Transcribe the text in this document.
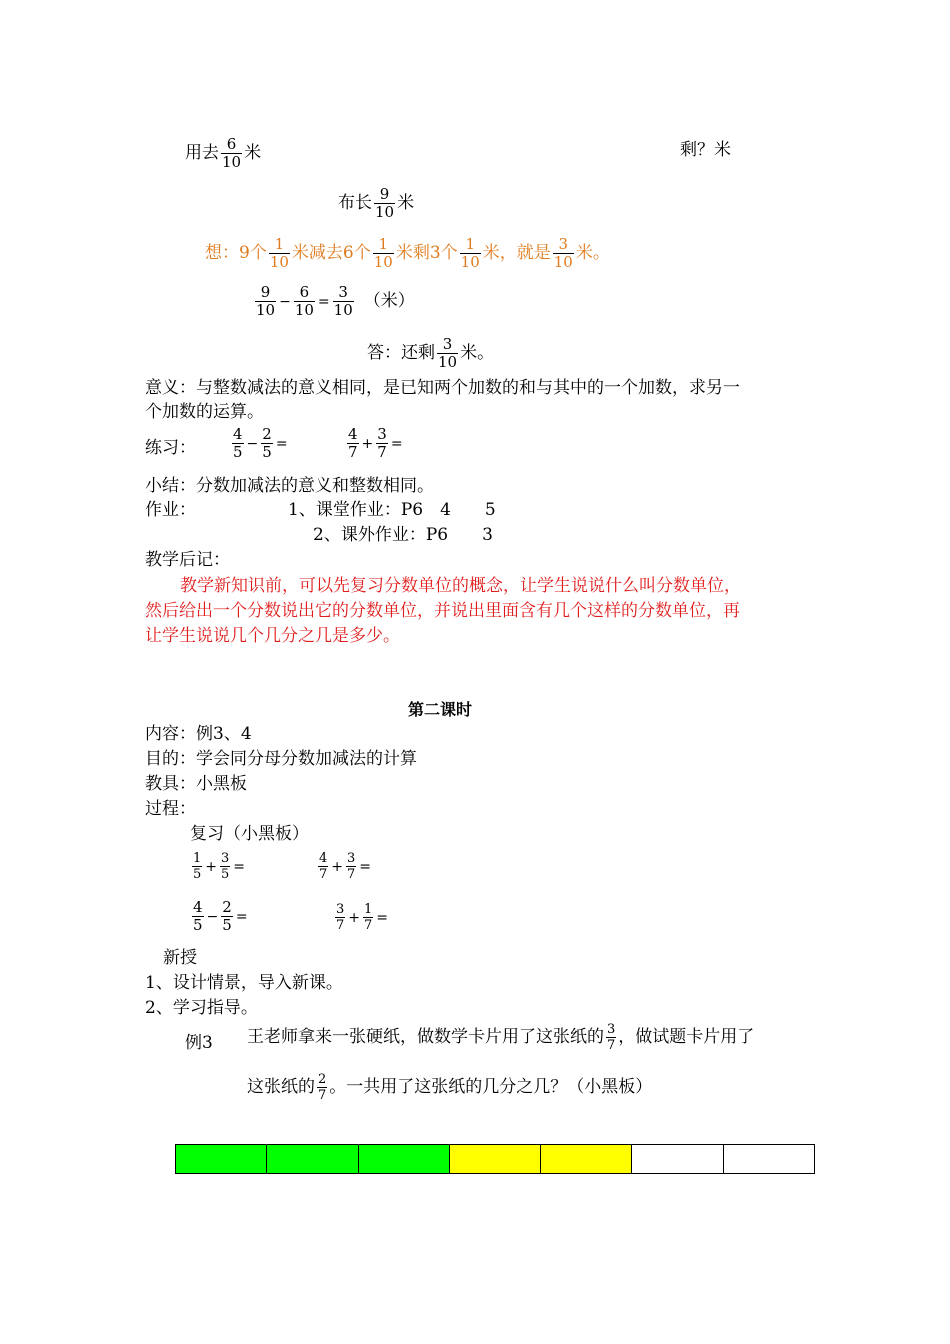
用去 $\frac{6}{10}$ 米	剩？米
布长 $\frac{9}{10}$ 米
想：9个 $\frac{1}{10}$ 米减去6个 $\frac{1}{10}$ 米剩3个 $\frac{1}{10}$ 米，就是 $\frac{3}{10}$ 米。
$\frac{9}{10} - \frac{6}{10} = \frac{3}{10}$ （米）
答：还剩 $\frac{3}{10}$ 米。
意义：与整数减法的意义相同，是已知两个加数的和与其中的一个加数，求另一
个加数的运算。
练习： $\frac{4}{5} - \frac{2}{5}$ =	$\frac{4}{7} + \frac{3}{7}$ =
小结：分数加减法的意义和整数相同。
作业：	1、课堂作业：P6　4　　5
2、课外作业：P6　　3
教学后记：
教学新知识前，可以先复习分数单位的概念，让学生说说什么叫分数单位，
然后给出一个分数说出它的分数单位，并说出里面含有几个这样的分数单位，再
让学生说说几个几分之几是多少。
第二课时
内容：例3、4
目的：学会同分母分数加减法的计算
教具：小黑板
过程：
复习（小黑板）
$\frac{1}{5} + \frac{3}{5}$ =	$\frac{4}{7} + \frac{3}{7}$ =
$\frac{4}{5} - \frac{2}{5}$ =	$\frac{3}{7} + \frac{1}{7}$ =
新授
1、设计情景，导入新课。
2、学习指导。
例3 王老师拿来一张硬纸，做数学卡片用了这张纸的 $\frac{3}{7}$ ，做试题卡片用了
这张纸的 $\frac{2}{7}$ 。一共用了这张纸的几分之几？（小黑板）
